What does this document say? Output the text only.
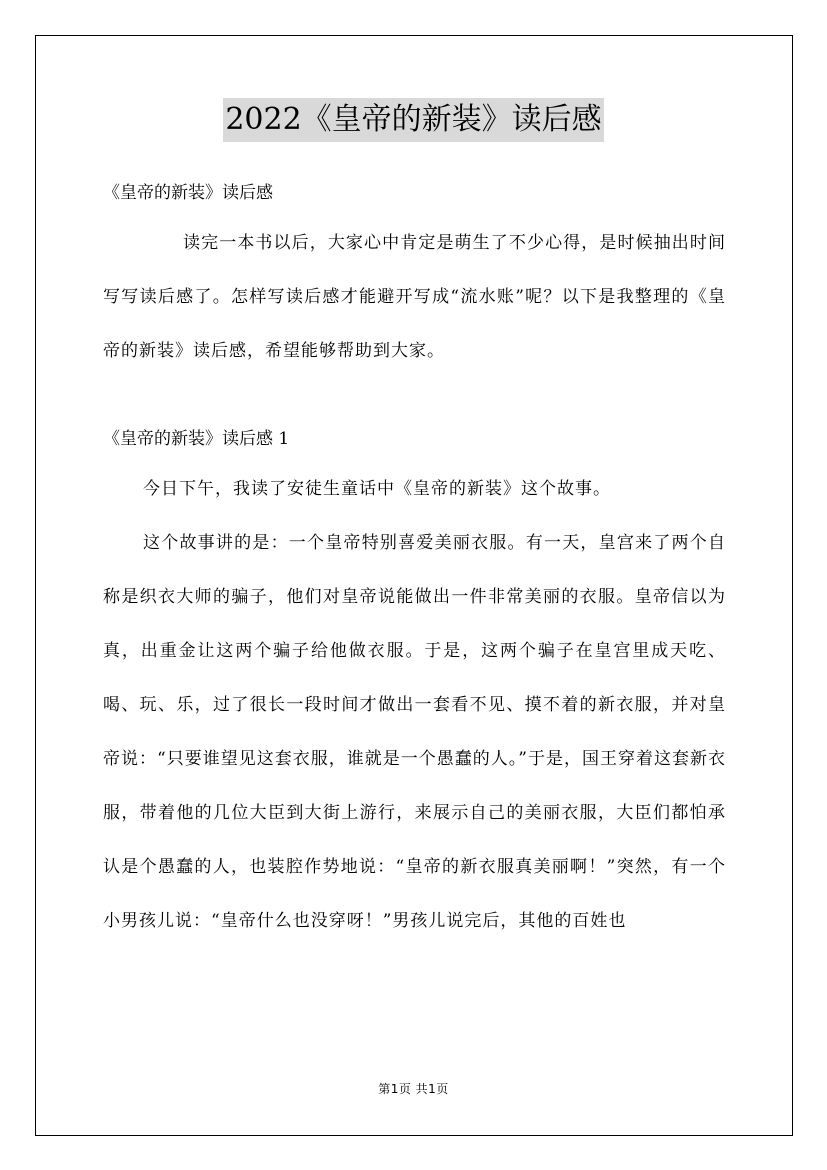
2022《皇帝的新装》读后感

《皇帝的新装》读后感

读完一本书以后，大家心中肯定是萌生了不少心得，是时候抽出时间写写读后感了。怎样写读后感才能避开写成“流水账”呢？以下是我整理的《皇帝的新装》读后感，希望能够帮助到大家。

《皇帝的新装》读后感 1

今日下午，我读了安徒生童话中《皇帝的新装》这个故事。

这个故事讲的是：一个皇帝特别喜爱美丽衣服。有一天，皇宫来了两个自称是织衣大师的骗子，他们对皇帝说能做出一件非常美丽的衣服。皇帝信以为真，出重金让这两个骗子给他做衣服。于是，这两个骗子在皇宫里成天吃、喝、玩、乐，过了很长一段时间才做出一套看不见、摸不着的新衣服，并对皇帝说：“只要谁望见这套衣服，谁就是一个愚蠢的人。”于是，国王穿着这套新衣服，带着他的几位大臣到大街上游行，来展示自己的美丽衣服，大臣们都怕承认是个愚蠢的人，也装腔作势地说：“皇帝的新衣服真美丽啊！”突然，有一个小男孩儿说：“皇帝什么也没穿呀！”男孩儿说完后，其他的百姓也

第1页 共1页
